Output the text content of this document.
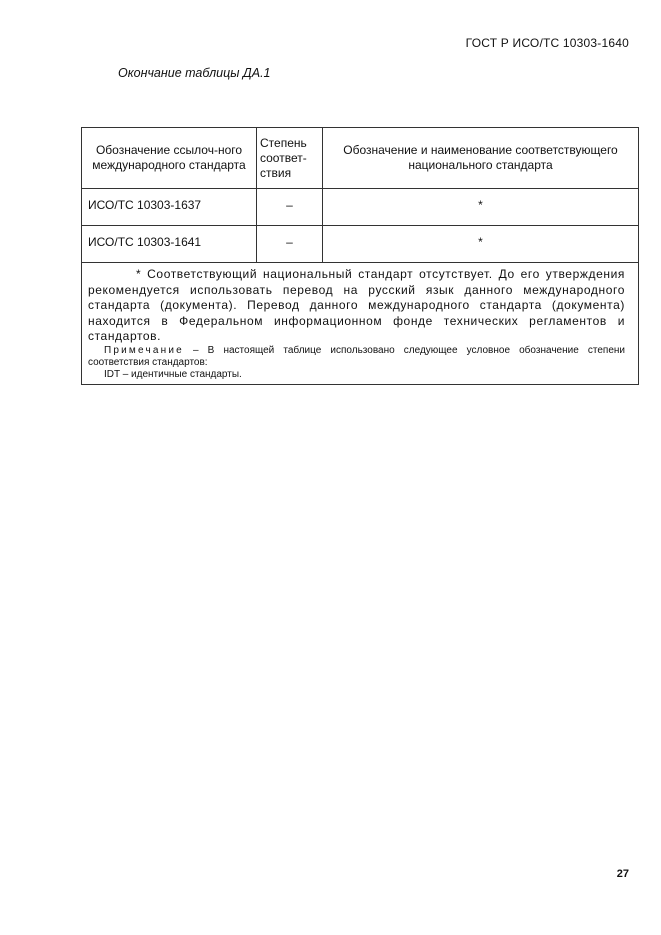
ГОСТ Р ИСО/ТС 10303-1640
Окончание таблицы ДА.1
Обозначение ссылоч-ного международного стандарта	Степень соответ-ствия	Обозначение и наименование соответствующего национального стандарта
ИСО/ТС 10303-1637	–	*
ИСО/ТС 10303-1641	–	*

* Соответствующий национальный стандарт отсутствует. До его утверждения рекомендуется использовать перевод на русский язык данного международного стандарта (документа). Перевод данного международного стандарта (документа) находится в Федеральном информационном фонде технических регламентов и стандартов.
Примечание – В настоящей таблице использовано следующее условное обозначение степени соответствия стандартов:
IDT – идентичные стандарты.		
27
